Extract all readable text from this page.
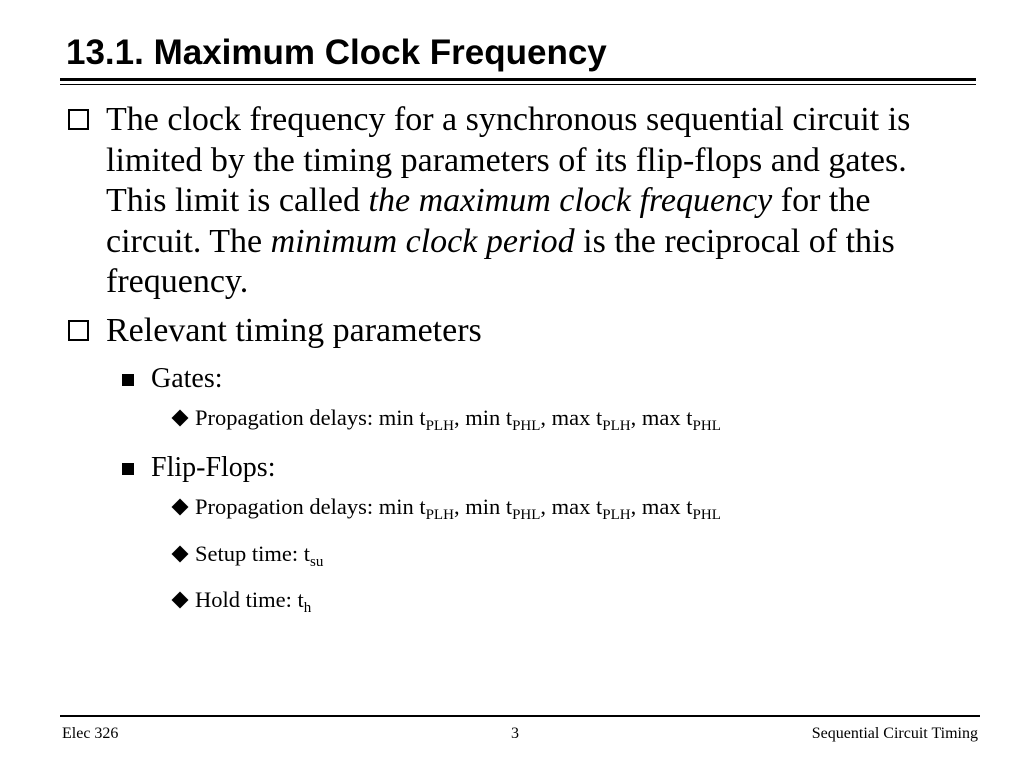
13.1. Maximum Clock Frequency
The clock frequency for a synchronous sequential circuit is limited by the timing parameters of its flip-flops and gates. This limit is called the maximum clock frequency for the circuit. The minimum clock period is the reciprocal of this frequency.
Relevant timing parameters
Gates:
Propagation delays: $\min t_{PLH}$, $\min t_{PHL}$, $\max t_{PLH}$, $\max t_{PHL}$
Flip-Flops:
Propagation delays: $\min t_{PLH}$, $\min t_{PHL}$, $\max t_{PLH}$, $\max t_{PHL}$
Setup time: $t_{su}$
Hold time: $t_h$
Elec 326	3	Sequential Circuit Timing
